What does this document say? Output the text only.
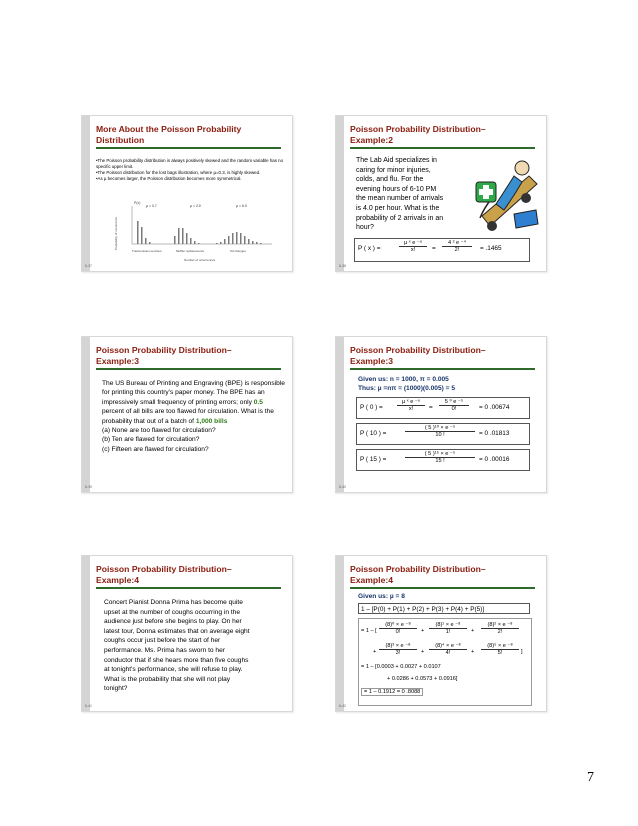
More About the Poisson Probability
Distribution
•The Poisson probability distribution is always positively skewed and the random variable has no specific upper limit.
•The Poisson distribution for the lost bags illustration, where µ=0.3, is highly skewed.
•As µ becomes larger, the Poisson distribution becomes more symmetrical.
P(x)
Probability of occurrence
µ = 0.7	µ = 2.0	µ = 6.0
Transmission services	Muffler replacements	Oil changes
Number of occurrences
6-37
Poisson Probability Distribution–
Example:2
The Lab Aid specializes in
caring for minor injuries,
colds, and flu. For the
evening hours of 6-10 PM
the mean number of arrivals
is 4.0 per hour. What is the
probability of 2 arrivals in an
hour?
P ( x ) =
µ ˣ e ⁻ᵘ
x!	= $\frac{\text{4 ² e ⁻⁴}}{2!} = .1465$
6-38
Poisson Probability Distribution–
Example:3
The US Bureau of Printing and Engraving (BPE) is responsible for printing this country's paper money. The BPE has an impressively small frequency of printing errors; only 0.5 percent of all bills are too flawed for circulation. What is the probability that out of a batch of 1,000 bills
(a) None are too flawed for circulation?
(b) Ten are flawed for circulation?
(c) Fifteen are flawed for circulation?
6-39
Poisson Probability Distribution–
Example:3
Given us: n = 1000, π = 0.005
Thus: µ =nπ = (1000)(0.005) = 5
P ( 0 ) =
µ ˣ e ⁻ᵘ
x!	= $\frac{\text{5 ⁰ e ⁻⁵}}{0!} = 0$ .00674
P ( 10 ) =	$\frac{\text{( 5 )¹⁰ × e ⁻⁵}}{10 !} = 0$ .01813
P ( 15 ) =	$\frac{\text{( 5 )¹⁵ × e ⁻⁵}}{15 !} = 0$ .00016
6-40
Poisson Probability Distribution–
Example:4
Concert Pianist Donna Prima has become quite
upset at the number of coughs occurring in the
audience just before she begins to play. On her
latest tour, Donna estimates that on average eight
coughs occur just before the start of her
performance. Ms. Prima has sworn to her
conductor that if she hears more than five coughs
at tonight's performance, she will refuse to play.
What is the probability that she will not play
tonight?
6-41
Poisson Probability Distribution–
Example:4
Given us: µ = 8
1 – [P(0) + P(1) + P(2) + P(3) + P(4) + P(5)]
= 1 – [ $\frac{\text{(8)⁰ × e ⁻⁸}}{0!} + \frac{\text{(8)¹ × e ⁻⁸}}{1!} + \frac{\text{(8)² × e ⁻⁸}}{2!}$
+ $\frac{\text{(8)³ × e ⁻⁸}}{3!} + \frac{\text{(8)⁴ × e ⁻⁸}}{4!} + \frac{\text{(8)⁵ × e ⁻⁸}}{5!}$ ]
= 1 – [0.0003 + 0.0027 + 0.0107
+ 0.0286 + 0.0573 + 0.0916]
= 1 – 0.1912 = 0 .8088
6-42
7
